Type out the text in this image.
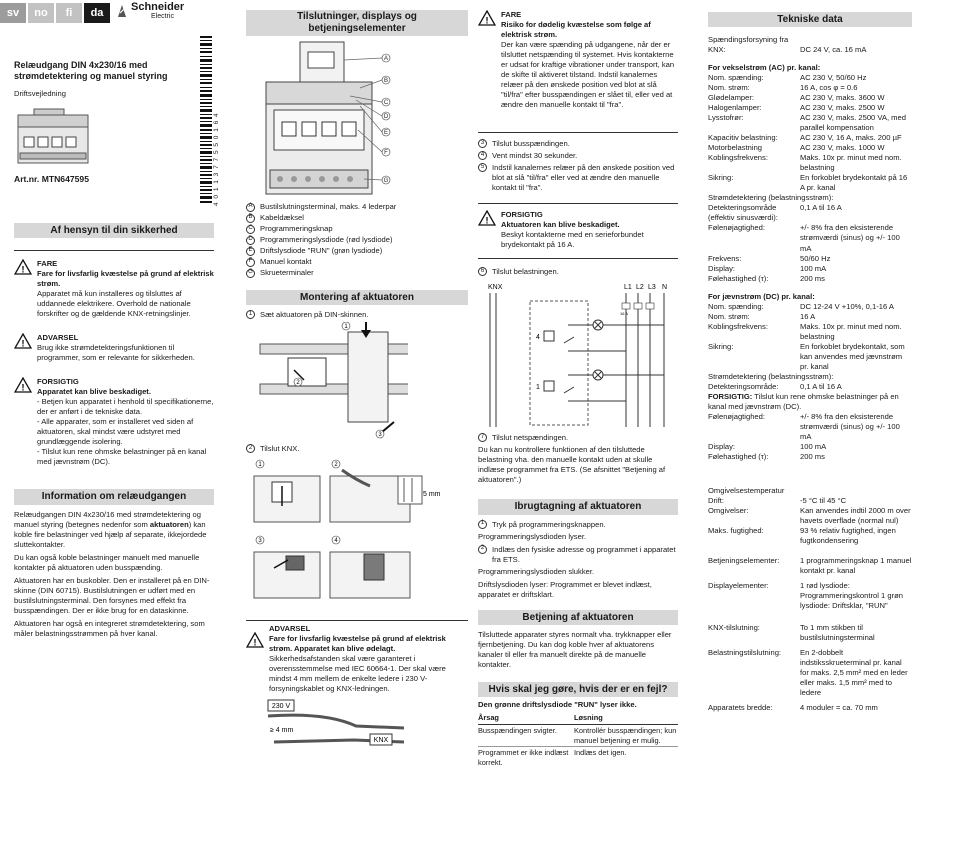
sv	no	fi	da	Schneider
Electric
4 0 1 1 3 7 7 5 5 0 1 6 4
Relæudgang DIN 4x230/16 med strømdetektering og manuel styring
Driftsvejledning
Art.nr. MTN647595
Af hensyn til din sikkerhed
!
FARE
Fare for livsfarlig kvæstelse på grund af elektrisk strøm.
Apparatet må kun installeres og tilsluttes af uddannede elektrikere. Overhold de nationale forskrifter og de gældende KNX-retningslinjer.
!
ADVARSEL
Brug ikke strømdetekteringsfunktionen til programmer, som er relevante for sikkerheden.
!
FORSIGTIG
Apparatet kan blive beskadiget.
- Betjen kun apparatet i henhold til specifikationerne, der er anført i de tekniske data.
- Alle apparater, som er installeret ved siden af aktuatoren, skal mindst være udstyret med grundlæggende isolering.
- Tilslut kun rene ohmske belastninger på en kanal med jævnstrøm (DC).
Information om relæudgangen
Relæudgangen DIN 4x230/16 med strømdetektering og manuel styring (betegnes nedenfor som aktuatoren) kan koble fire belastninger ved hjælp af separate, ikkejordede sluttekontakter.
Du kan også koble belastninger manuelt med manuelle kontakter på aktuatoren uden busspænding.
Aktuatoren har en buskobler. Den er installeret på en DIN-skinne (DIN 60715). Bustilslutningen er udført med en bustilslutningsterminal. Den forsynes med effekt fra busspændingen. Der er ikke brug for en dataskinne.
Aktuatoren har også en integreret strømdetektering, som måler belastningsstrømmen på hver kanal.
Tilslutninger, displays og betjeningselementer
A
B
C
D
E
F
G
A Bustilslutningsterminal, maks. 4 lederpar
B Kabeldæksel
C Programmeringsknap
D Programmeringslysdiode (rød lysdiode)
E Driftslysdiode "RUN" (grøn lysdiode)
F	Manuel kontakt
G Skrueterminaler
Montering af aktuatoren
1	Sæt aktuatoren på DIN-skinnen.
1
2
3
2	Tilslut KNX.
1	2
3	4
5 mm
!
ADVARSEL
Fare for livsfarlig kvæstelse på grund af elektrisk strøm. Apparatet kan blive ødelagt.
Sikkerhedsafstanden skal være garanteret i overensstemmelse med IEC 60664-1. Der skal være mindst 4 mm mellem de enkelte ledere i 230 V-forsyningskablet og KNX-ledningen.
230 V
≥ 4 mm
KNX
!
FARE
Risiko for dødelig kvæstelse som følge af elektrisk strøm.
Der kan være spænding på udgangene, når der er tilsluttet netspænding til systemet. Hvis kontakterne er udsat for kraftige vibrationer under transport, kan de skifte til aktiveret tilstand. Indstil kanalernes relæer på den ønskede position ved blot at slå "til/fra" efter busspændingen er slået til, eller ved at ændre den manuelle kontakt til "fra".
3	Tilslut busspændingen.
4	Vent mindst 30 sekunder.
5	Indstil kanalernes relæer på den ønskede position ved blot at slå "til/fra" eller ved at ændre den manuelle kontakt til "fra".
!
FORSIGTIG
Aktuatoren kan blive beskadiget.
Beskyt kontakterne med en serieforbundet brydekontakt på 16 A.
6	Tilslut belastningen.
KNX	L1 L2 L3 N
16 A
4
1
7	Tilslut netspændingen.
Du kan nu kontrollere funktionen af den tilsluttede belastning vha. den manuelle kontakt uden at skulle indlæse programmet fra ETS. (Se afsnittet "Betjening af aktuatoren".)
Ibrugtagning af aktuatoren
1	Tryk på programmeringsknappen.
Programmeringslysdioden lyser.
2	Indlæs den fysiske adresse og programmet i apparatet fra ETS.
Programmeringslysdioden slukker.
Driftslysdioden lyser: Programmet er blevet indlæst, apparatet er driftsklart.
Betjening af aktuatoren
Tilsluttede apparater styres normalt vha. trykknapper eller fjernbetjening. Du kan dog koble hver af aktuatorens kanaler til eller fra manuelt direkte på de manuelle kontakter.
Hvis skal jeg gøre, hvis der er en fejl?
Den grønne driftslysdiode "RUN" lyser ikke.
Årsag	Løsning
Busspændingen svigter.	Kontrollér busspændingen; kun manuel betjening er mulig.
Programmet er ikke indlæst korrekt.	Indlæs det igen.
Tekniske data
Spændingsforsyning fra
KNX:	DC 24 V, ca. 16 mA
For vekselstrøm (AC) pr. kanal:
Nom. spænding:	AC 230 V, 50/60 Hz
Nom. strøm:	16 A, cos φ = 0.6
Glødelamper:	AC 230 V, maks. 3600 W
Halogenlamper:	AC 230 V, maks. 2500 W
Lysstofrør:	AC 230 V, maks. 2500 VA, med parallel kompensation
Kapacitiv belastning:	AC 230 V, 16 A, maks. 200 µF
Motorbelastning	AC 230 V, maks. 1000 W
Koblingsfrekvens:	Maks. 10x pr. minut med nom. belastning
Sikring:	En forkoblet brydekontakt på 16 A pr. kanal
Strømdetektering (belastningsstrøm):
Detekteringsområde (effektiv sinusværdi):
0,1 A til 16 A
Følenøjagtighed:	+/- 8% fra den eksisterende strømværdi (sinus) og +/- 100 mA
Frekvens:	50/60 Hz
Display:	100 mA
Følehastighed (τ):	200 ms
For jævnstrøm (DC) pr. kanal:
Nom. spænding:	DC 12-24 V +10%, 0,1-16 A
Nom. strøm:	16 A
Koblingsfrekvens:	Maks. 10x pr. minut med nom. belastning
Sikring:	En forkoblet brydekontakt, som kan anvendes med jævnstrøm pr. kanal
Strømdetektering (belastningsstrøm):
Detekteringsområde:	0,1 A til 16 A
FORSIGTIG: Tilslut kun rene ohmske belastninger på en kanal med jævnstrøm (DC).
Følenøjagtighed:	+/- 8% fra den eksisterende strømværdi (sinus) og +/- 100 mA
Display:	100 mA
Følehastighed (τ):	200 ms
Omgivelsestemperatur
Drift:	-5 °C til 45 °C
Omgivelser:	Kan anvendes indtil 2000 m over havets overflade (normal nul)
Maks. fugtighed:	93 % relativ fugtighed, ingen fugtkondensering
Betjeningselementer:	1 programmeringsknap 1 manuel kontakt pr. kanal
Displayelementer:	1 rød lysdiode: Programmeringskontrol 1 grøn lysdiode: Driftsklar, "RUN"
KNX-tilslutning:	To 1 mm stikben til bustilslutningsterminal
Belastningstilslutning:	En 2-dobbelt indstiksskrueterminal pr. kanal for maks. 2,5 mm² med en leder eller maks. 1,5 mm² med to ledere
Apparatets bredde:	4 moduler = ca. 70 mm
